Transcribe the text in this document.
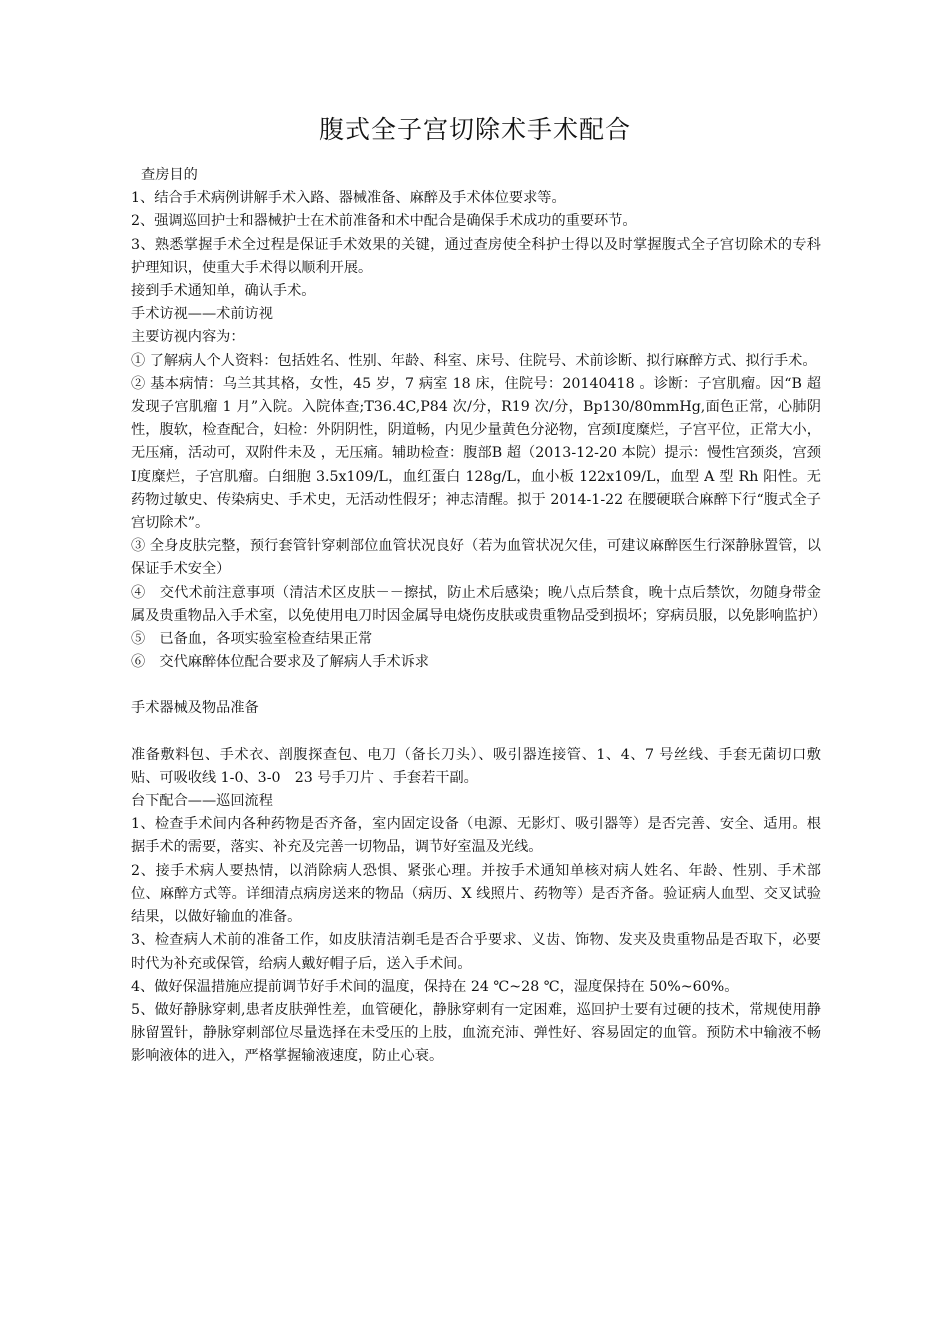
腹式全子宫切除术手术配合

查房目的

1、结合手术病例讲解手术入路、器械准备、麻醉及手术体位要求等。

2、强调巡回护士和器械护士在术前准备和术中配合是确保手术成功的重要环节。

3、熟悉掌握手术全过程是保证手术效果的关键，通过查房使全科护士得以及时掌握腹式全子宫切除术的专科护理知识，使重大手术得以顺利开展。

接到手术通知单，确认手术。

手术访视——术前访视

主要访视内容为：

① 了解病人个人资料：包括姓名、性别、年龄、科室、床号、住院号、术前诊断、拟行麻醉方式、拟行手术。

② 基本病情：乌兰其其格，女性，45 岁，7 病室 18 床，住院号：20140418 。诊断：子宫肌瘤。因“B 超发现子宫肌瘤 1 月”入院。入院体查;T36.4C,P84 次/分，R19 次/分，Bp130/80mmHg,面色正常，心肺阴性，腹软，检查配合，妇检：外阴阴性，阴道畅，内见少量黄色分泌物，宫颈Ⅰ度糜烂，子宫平位，正常大小，无压痛，活动可，双附件未及 ，无压痛。辅助检查：腹部B 超（2013-12-20 本院）提示：慢性宫颈炎，宫颈Ⅰ度糜烂，子宫肌瘤。白细胞 3.5x109/L，血红蛋白 128g/L，血小板 122x109/L，血型 A 型 Rh 阳性。无药物过敏史、传染病史、手术史，无活动性假牙；神志清醒。拟于 2014-1-22 在腰硬联合麻醉下行“腹式全子宫切除术”。

③ 全身皮肤完整，预行套管针穿刺部位血管状况良好（若为血管状况欠佳，可建议麻醉医生行深静脉置管，以保证手术安全）

④　交代术前注意事项（清洁术区皮肤－－擦拭，防止术后感染；晚八点后禁食，晚十点后禁饮，勿随身带金属及贵重物品入手术室，以免使用电刀时因金属导电烧伤皮肤或贵重物品受到损坏；穿病员服，以免影响监护）

⑤　已备血，各项实验室检查结果正常

⑥　交代麻醉体位配合要求及了解病人手术诉求

手术器械及物品准备

准备敷料包、手术衣、剖腹探查包、电刀（备长刀头）、吸引器连接管、1、4、7 号丝线、手套无菌切口敷贴、可吸收线 1-0、3-0　23 号手刀片 、手套若干副。

台下配合——巡回流程

1、检查手术间内各种药物是否齐备，室内固定设备（电源、无影灯、吸引器等）是否完善、安全、适用。根据手术的需要，落实、补充及完善一切物品，调节好室温及光线。

2、接手术病人要热情，以消除病人恐惧、紧张心理。并按手术通知单核对病人姓名、年龄、性别、手术部位、麻醉方式等。详细清点病房送来的物品（病历、X 线照片、药物等）是否齐备。验证病人血型、交叉试验结果，以做好输血的准备。

3、检查病人术前的准备工作，如皮肤清洁剃毛是否合乎要求、义齿、饰物、发夹及贵重物品是否取下，必要时代为补充或保管，给病人戴好帽子后，送入手术间。

4、做好保温措施应提前调节好手术间的温度，保持在 24 ℃~28 ℃，湿度保持在 50%~60%。

5、做好静脉穿刺,患者皮肤弹性差，血管硬化，静脉穿刺有一定困难，巡回护士要有过硬的技术，常规使用静脉留置针，静脉穿刺部位尽量选择在未受压的上肢，血流充沛、弹性好、容易固定的血管。预防术中输液不畅影响液体的进入，严格掌握输液速度，防止心衰。
